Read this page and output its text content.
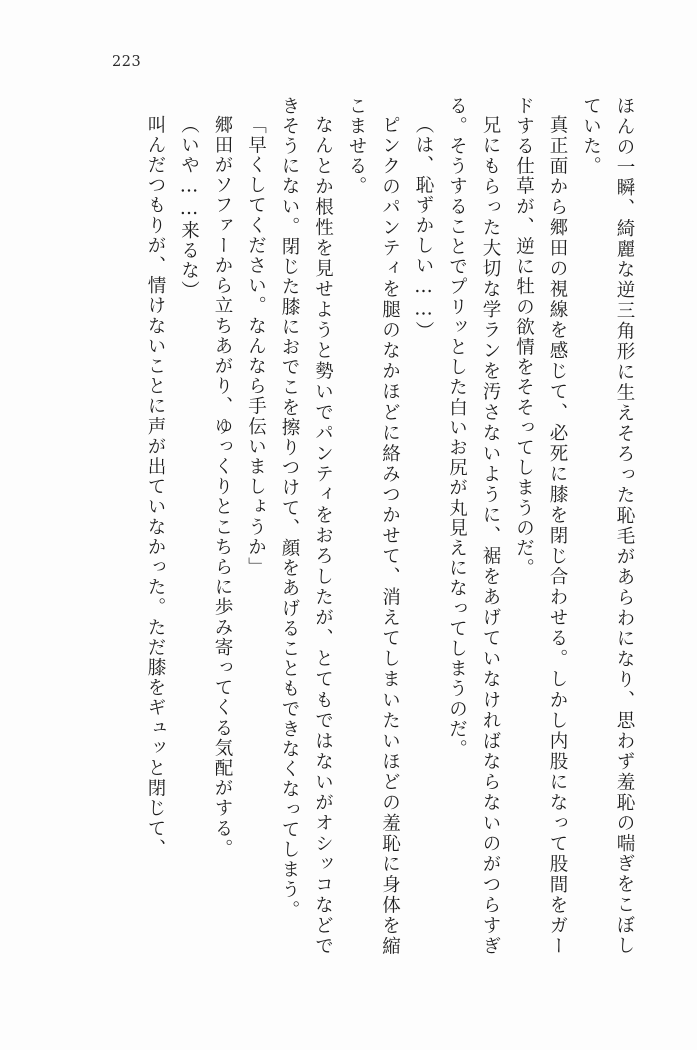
223
ほんの一瞬、綺麗な逆三角形に生えそろった恥毛があらわになり、思わず羞恥の喘ぎをこぼしていた。
真正面から郷田の視線を感じて、必死に膝を閉じ合わせる。しかし内股になって股間をガードする仕草が、逆に牡の欲情をそそってしまうのだ。
兄にもらった大切な学ランを汚さないように、裾をあげていなければならないのがつらすぎる。そうすることでプリッとした白いお尻が丸見えになってしまうのだ。
（は、恥ずかしい……）
ピンクのパンティを腿のなかほどに絡みつかせて、消えてしまいたいほどの羞恥に身体を縮こませる。
なんとか根性を見せようと勢いでパンティをおろしたが、とてもではないがオシッコなどできそうにない。閉じた膝におでこを擦りつけて、顔をあげることもできなくなってしまう。
「早くしてください。なんなら手伝いましょうか」
郷田がソファーから立ちあがり、ゆっくりとこちらに歩み寄ってくる気配がする。
（いや……来るな）
叫んだつもりが、情けないことに声が出ていなかった。ただ膝をギュッと閉じて、
